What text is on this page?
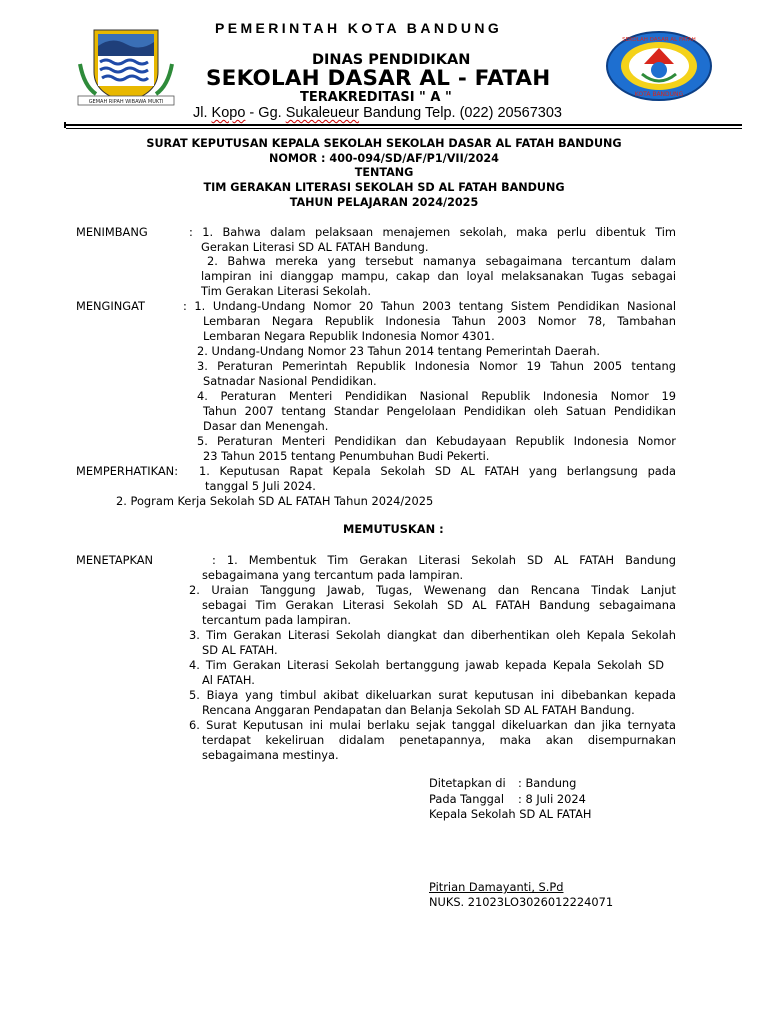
GEMAH RIPAH WIBAWA MUKTI
SEKOLAH DASAR AL FATAH
KOTA BANDUNG
PEMERINTAH KOTA BANDUNG
DINAS PENDIDIKAN
SEKOLAH DASAR AL - FATAH
TERAKREDITASI " A "
Jl. Kopo - Gg. Sukaleueur Bandung Telp. (022) 20567303
SURAT KEPUTUSAN KEPALA SEKOLAH SEKOLAH DASAR AL FATAH BANDUNG
NOMOR : 400-094/SD/AF/P1/VII/2024
TENTANG
TIM GERAKAN LITERASI SEKOLAH SD AL FATAH BANDUNG
TAHUN PELAJARAN 2024/2025
MENIMBANG	: 1. Bahwa dalam pelaksaan menajemen sekolah, maka perlu dibentuk Tim
Gerakan Literasi SD AL FATAH Bandung.
2. Bahwa mereka yang tersebut namanya sebagaimana tercantum dalam
lampiran ini dianggap mampu, cakap dan loyal melaksanakan Tugas sebagai
Tim Gerakan Literasi Sekolah.
MENGINGAT	: 1. Undang-Undang Nomor 20 Tahun 2003 tentang Sistem Pendidikan Nasional
Lembaran Negara Republik Indonesia Tahun 2003 Nomor 78, Tambahan
Lembaran Negara Republik Indonesia Nomor 4301.
2. Undang-Undang Nomor 23 Tahun 2014 tentang Pemerintah Daerah.
3. Peraturan Pemerintah Republik Indonesia Nomor 19 Tahun 2005 tentang
Satnadar Nasional Pendidikan.
4. Peraturan Menteri Pendidikan Nasional Republik Indonesia Nomor 19
Tahun 2007 tentang Standar Pengelolaan Pendidikan oleh Satuan Pendidikan
Dasar dan Menengah.
5. Peraturan Menteri Pendidikan dan Kebudayaan Republik Indonesia Nomor
23 Tahun 2015 tentang Penumbuhan Budi Pekerti.
MEMPERHATIKAN: 1. Keputusan Rapat Kepala Sekolah SD AL FATAH yang berlangsung pada
tanggal 5 Juli 2024.
2. Pogram Kerja Sekolah SD AL FATAH Tahun 2024/2025
MEMUTUSKAN :
MENETAPKAN	: 1. Membentuk Tim Gerakan Literasi Sekolah SD AL FATAH Bandung
sebagaimana yang tercantum pada lampiran.
2. Uraian Tanggung Jawab, Tugas, Wewenang dan Rencana Tindak Lanjut
sebagai Tim Gerakan Literasi Sekolah SD AL FATAH Bandung sebagaimana
tercantum pada lampiran.
3. Tim Gerakan Literasi Sekolah diangkat dan diberhentikan oleh Kepala Sekolah
SD AL FATAH.
4. Tim Gerakan Literasi Sekolah bertanggung jawab kepada Kepala Sekolah SD
Al FATAH.
5. Biaya yang timbul akibat dikeluarkan surat keputusan ini dibebankan kepada
Rencana Anggaran Pendapatan dan Belanja Sekolah SD AL FATAH Bandung.
6. Surat Keputusan ini mulai berlaku sejak tanggal dikeluarkan dan jika ternyata
terdapat kekeliruan didalam penetapannya, maka akan disempurnakan
sebagaimana mestinya.
Ditetapkan di : Bandung
Pada Tanggal : 8 Juli 2024
Kepala Sekolah SD AL FATAH
Pitrian Damayanti, S.Pd
NUKS. 21023LO3026012224071
